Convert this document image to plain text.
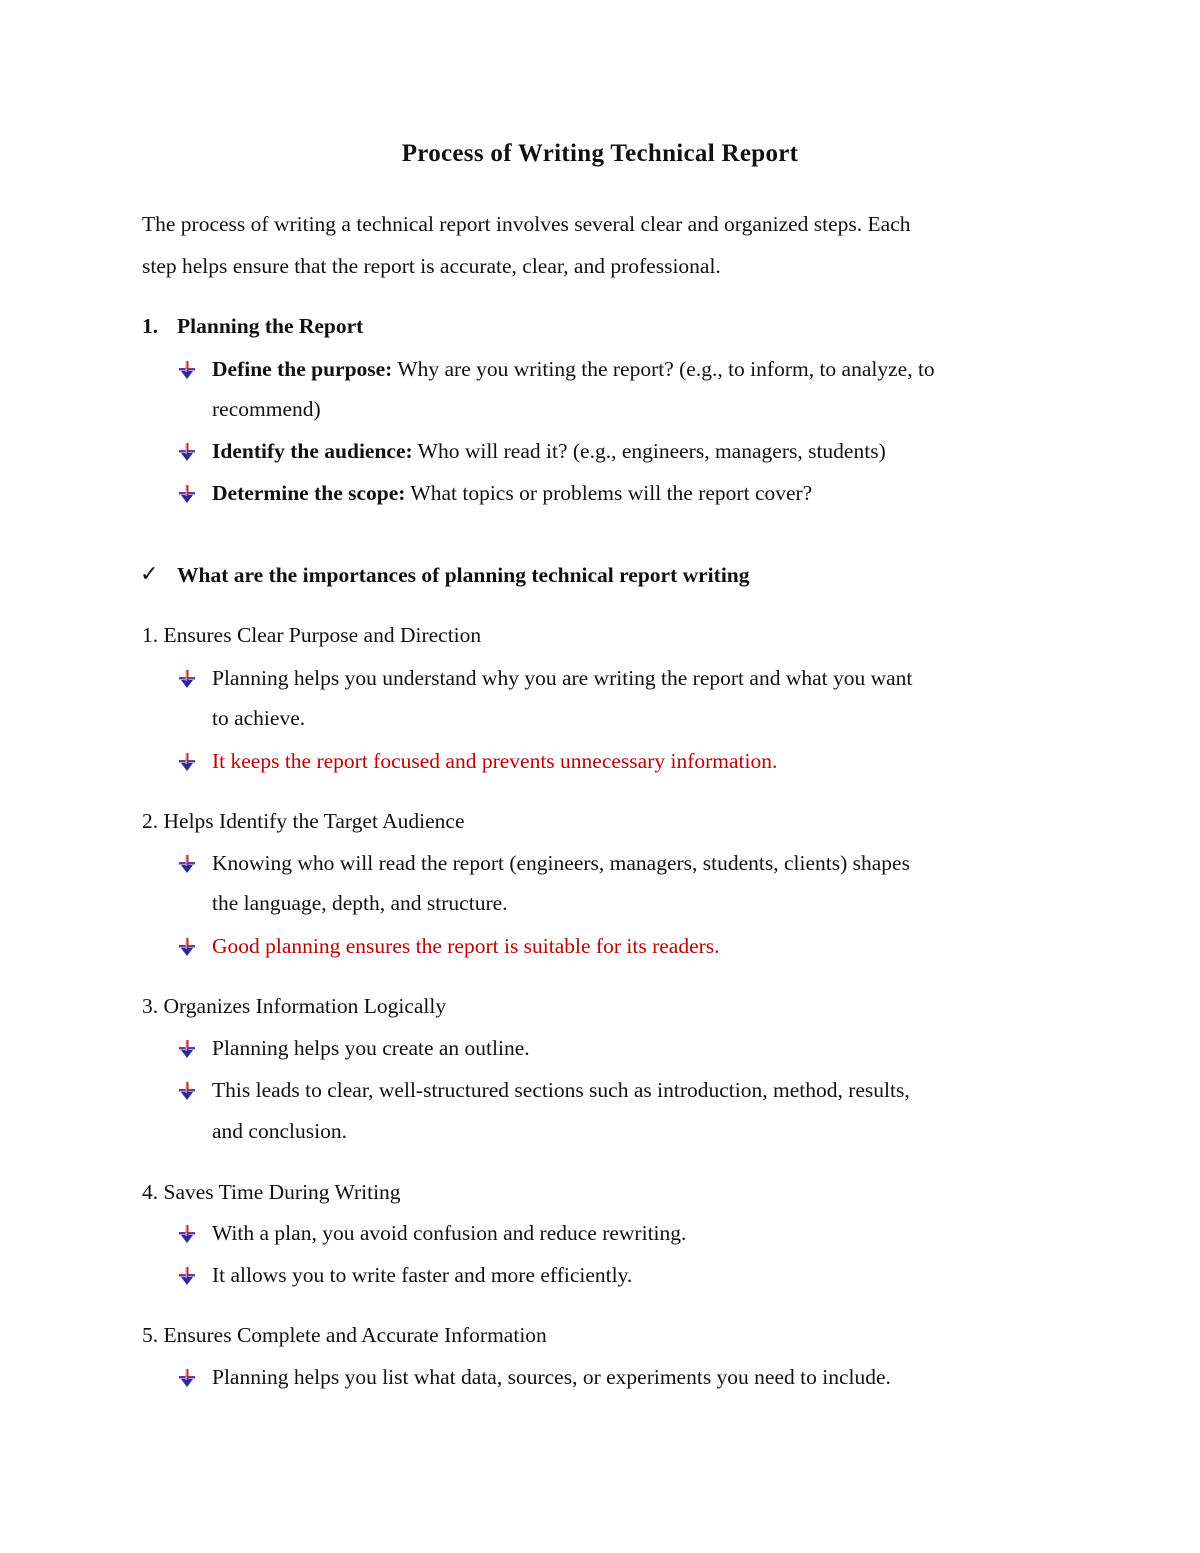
Process of Writing Technical Report
The process of writing a technical report involves several clear and organized steps. Each
step helps ensure that the report is accurate, clear, and professional.
1. Planning the Report
Define the purpose: Why are you writing the report? (e.g., to inform, to analyze, to
recommend)
Identify the audience: Who will read it? (e.g., engineers, managers, students)
Determine the scope: What topics or problems will the report cover?
✓ What are the importances of planning technical report writing
1. Ensures Clear Purpose and Direction
Planning helps you understand why you are writing the report and what you want
to achieve.
It keeps the report focused and prevents unnecessary information.
2. Helps Identify the Target Audience
Knowing who will read the report (engineers, managers, students, clients) shapes
the language, depth, and structure.
Good planning ensures the report is suitable for its readers.
3. Organizes Information Logically
Planning helps you create an outline.
This leads to clear, well-structured sections such as introduction, method, results,
and conclusion.
4. Saves Time During Writing
With a plan, you avoid confusion and reduce rewriting.
It allows you to write faster and more efficiently.
5. Ensures Complete and Accurate Information
Planning helps you list what data, sources, or experiments you need to include.
